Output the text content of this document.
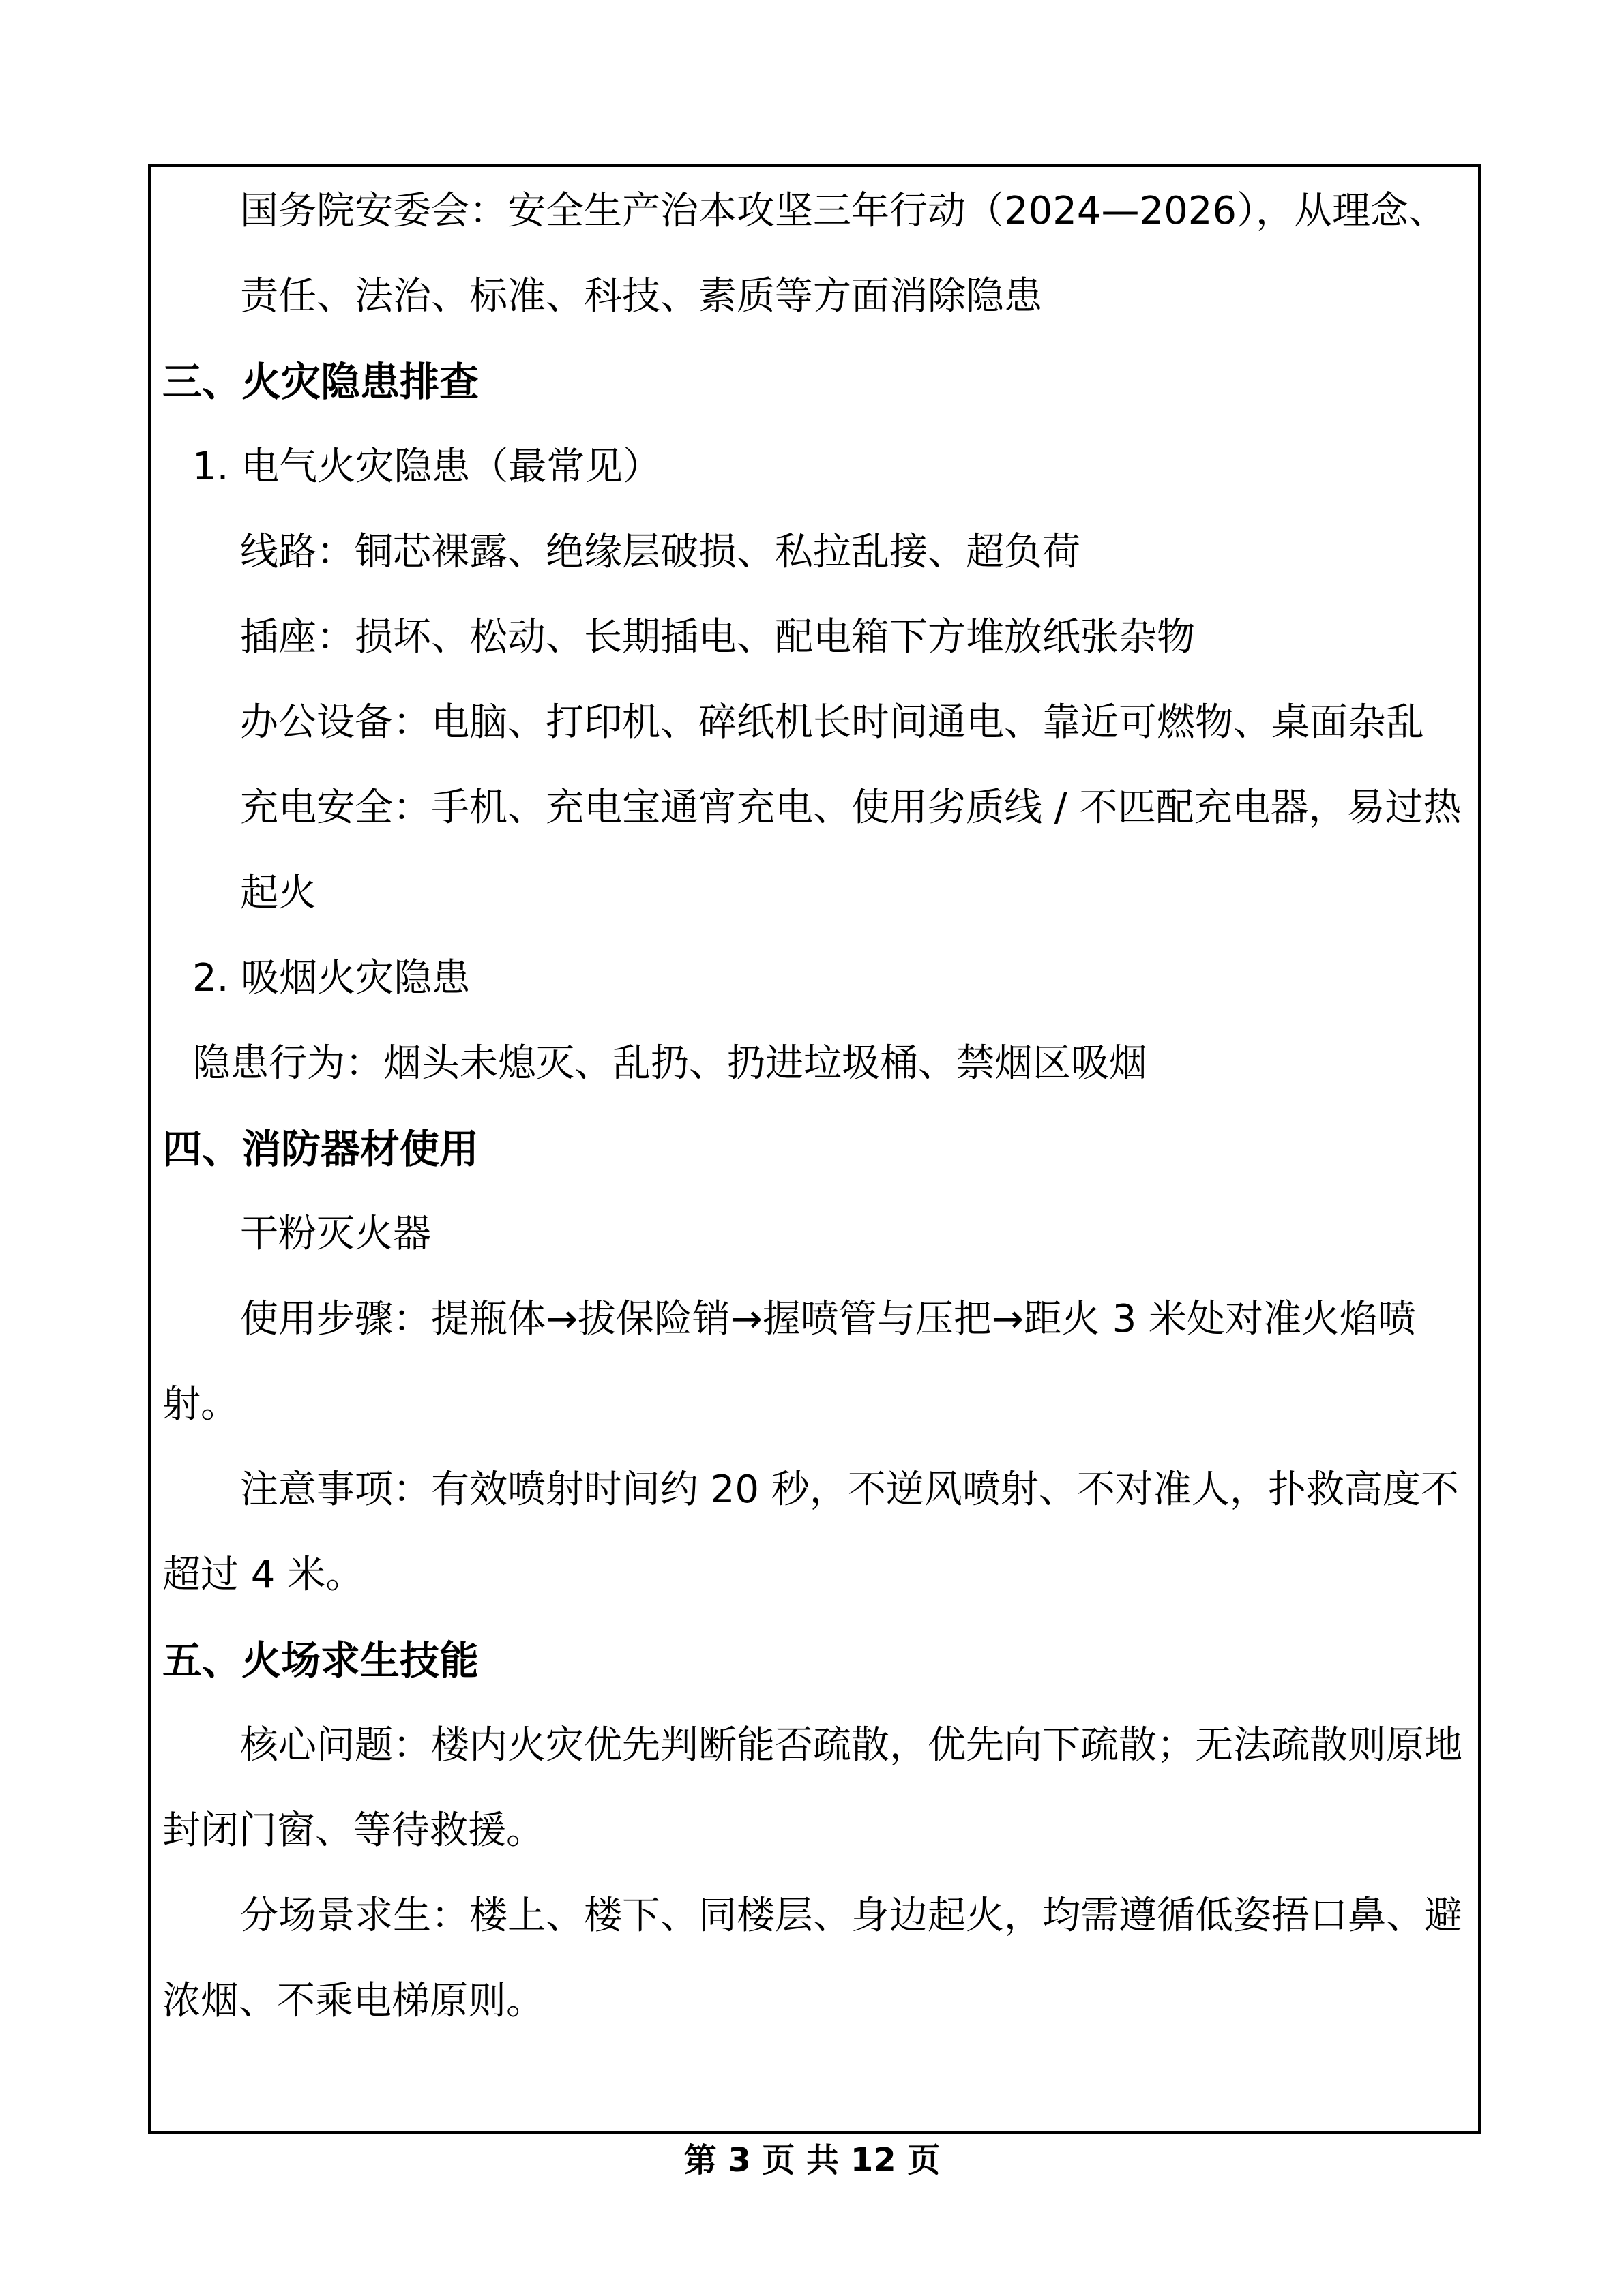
国务院安委会：安全生产治本攻坚三年行动（2024—2026），从理念、
责任、法治、标准、科技、素质等方面消除隐患
三、火灾隐患排查
1. 电气火灾隐患（最常见）
线路：铜芯裸露、绝缘层破损、私拉乱接、超负荷
插座：损坏、松动、长期插电、配电箱下方堆放纸张杂物
办公设备：电脑、打印机、碎纸机长时间通电、靠近可燃物、桌面杂乱
充电安全：手机、充电宝通宵充电、使用劣质线 / 不匹配充电器，易过热
起火
2. 吸烟火灾隐患
隐患行为：烟头未熄灭、乱扔、扔进垃圾桶、禁烟区吸烟
四、消防器材使用
干粉灭火器
使用步骤：提瓶体→拔保险销→握喷管与压把→距火 3 米处对准火焰喷
射。
注意事项：有效喷射时间约 20 秒，不逆风喷射、不对准人，扑救高度不
超过 4 米。
五、火场求生技能
核心问题：楼内火灾优先判断能否疏散，优先向下疏散；无法疏散则原地
封闭门窗、等待救援。
分场景求生：楼上、楼下、同楼层、身边起火，均需遵循低姿捂口鼻、避
浓烟、不乘电梯原则。
第 3 页 共 12 页
